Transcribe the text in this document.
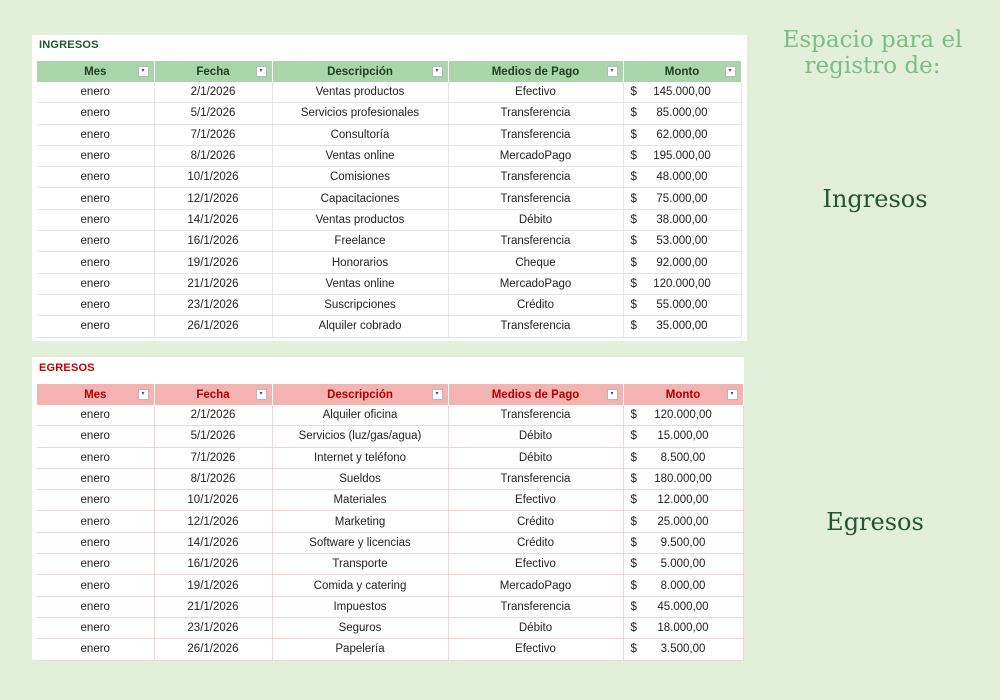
INGRESOS
Mes ▾	Fecha ▾	Descripción ▾	Medios de Pago ▾	Monto ▾

enero	2/1/2026	Ventas productos	Efectivo	$ 145.000,00
enero	5/1/2026	Servicios profesionales	Transferencia	$ 85.000,00
enero	7/1/2026	Consultoría	Transferencia	$ 62.000,00
enero	8/1/2026	Ventas online	MercadoPago	$ 195.000,00
enero	10/1/2026	Comisiones	Transferencia	$ 48.000,00
enero	12/1/2026	Capacitaciones	Transferencia	$ 75.000,00
enero	14/1/2026	Ventas productos	Débito	$ 38.000,00
enero	16/1/2026	Freelance	Transferencia	$ 53.000,00
enero	19/1/2026	Honorarios	Cheque	$ 92.000,00
enero	21/1/2026	Ventas online	MercadoPago	$ 120.000,00
enero	23/1/2026	Suscripciones	Crédito	$ 55.000,00
enero	26/1/2026	Alquiler cobrado	Transferencia	$ 35.000,00
EGRESOS
Mes ▾	Fecha ▾	Descripción ▾	Medios de Pago ▾	Monto ▾

enero	2/1/2026	Alquiler oficina	Transferencia	$ 120.000,00
enero	5/1/2026	Servicios (luz/gas/agua)	Débito	$ 15.000,00
enero	7/1/2026	Internet y teléfono	Débito	$ 8.500,00
enero	8/1/2026	Sueldos	Transferencia	$ 180.000,00
enero	10/1/2026	Materiales	Efectivo	$ 12.000,00
enero	12/1/2026	Marketing	Crédito	$ 25.000,00
enero	14/1/2026	Software y licencias	Crédito	$ 9.500,00
enero	16/1/2026	Transporte	Efectivo	$ 5.000,00
enero	19/1/2026	Comida y catering	MercadoPago	$ 8.000,00
enero	21/1/2026	Impuestos	Transferencia	$ 45.000,00
enero	23/1/2026	Seguros	Débito	$ 18.000,00
enero	26/1/2026	Papelería	Efectivo	$ 3.500,00
Espacio para el registro de:
Ingresos
Egresos
